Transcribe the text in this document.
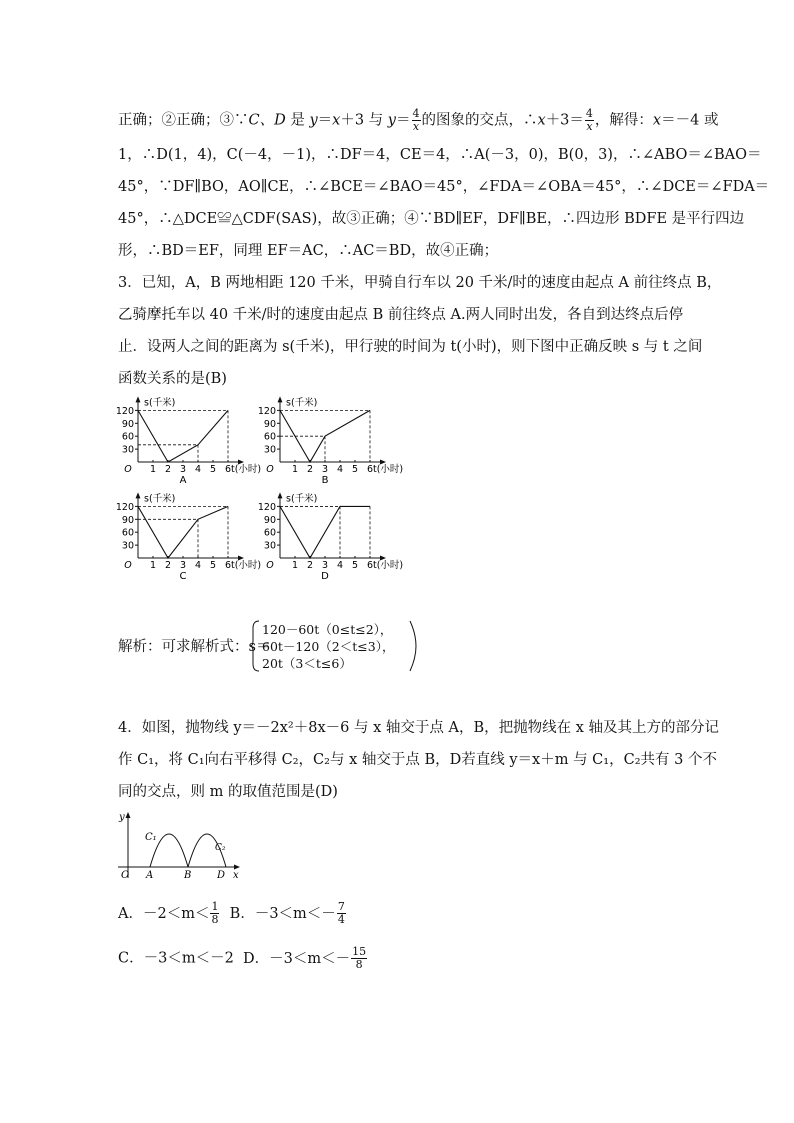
正确；②正确；③∵C、D 是 y＝x＋3 与 $y= \frac{4}{x}$ 的图象的交点，∴x＋3＝ $\frac{4}{x}$ ，解得：x＝－4 或
1，∴D(1，4)，C(－4，－1)，∴DF＝4，CE＝4，∴A(－3，0)，B(0，3)，∴∠ABO＝∠BAO＝
45°，∵DF∥BO，AO∥CE，∴∠BCE＝∠BAO＝45°，∠FDA＝∠OBA＝45°，∴∠DCE＝∠FDA＝
45°，∴△DCE≌△CDF(SAS)，故③正确；④∵BD∥EF，DF∥BE，∴四边形 BDFE 是平行四边
形，∴BD＝EF，同理 EF＝AC，∴AC＝BD，故④正确；
3．已知，A，B 两地相距 120 千米，甲骑自行车以 20 千米/时的速度由起点 A 前往终点 B，
乙骑摩托车以 40 千米/时的速度由起点 B 前往终点 A.两人同时出发，各自到达终点后停
止．设两人之间的距离为 s(千米)，甲行驶的时间为 t(小时)，则下图中正确反映 s 与 t 之间
函数关系的是(B)
30
60
90
120
1 2 3 4 5 6
O
s(千米)
t(小时)
A
30
60
90
120
1 2 3 4 5 6
O
s(千米)
t(小时)
B
30
60
90
120
1 2 3 4 5 6
O
s(千米)
t(小时)
C
30
60
90
120
1 2 3 4 5 6
O
s(千米)
t(小时)
D
解析：可求解析式：s＝
120－60t（0≤t≤2），
60t－120（2＜t≤3），
20t（3＜t≤6）
4．如图，抛物线 y＝－2x²＋8x－6 与 x 轴交于点 A，B，把抛物线在 x 轴及其上方的部分记
作 C₁，将 C₁向右平移得 C₂，C₂与 x 轴交于点 B，D若直线 y＝x＋m 与 C₁，C₂共有 3 个不
同的交点，则 m 的取值范围是(D)
y
x
O A	B	D
C₁
C₂
A．$-2<m< \frac{1}{8}$ B．$-3<m<- \frac{7}{4}$
C．－3＜m＜－2 D．$-3<m<- \frac{15}{8}$
